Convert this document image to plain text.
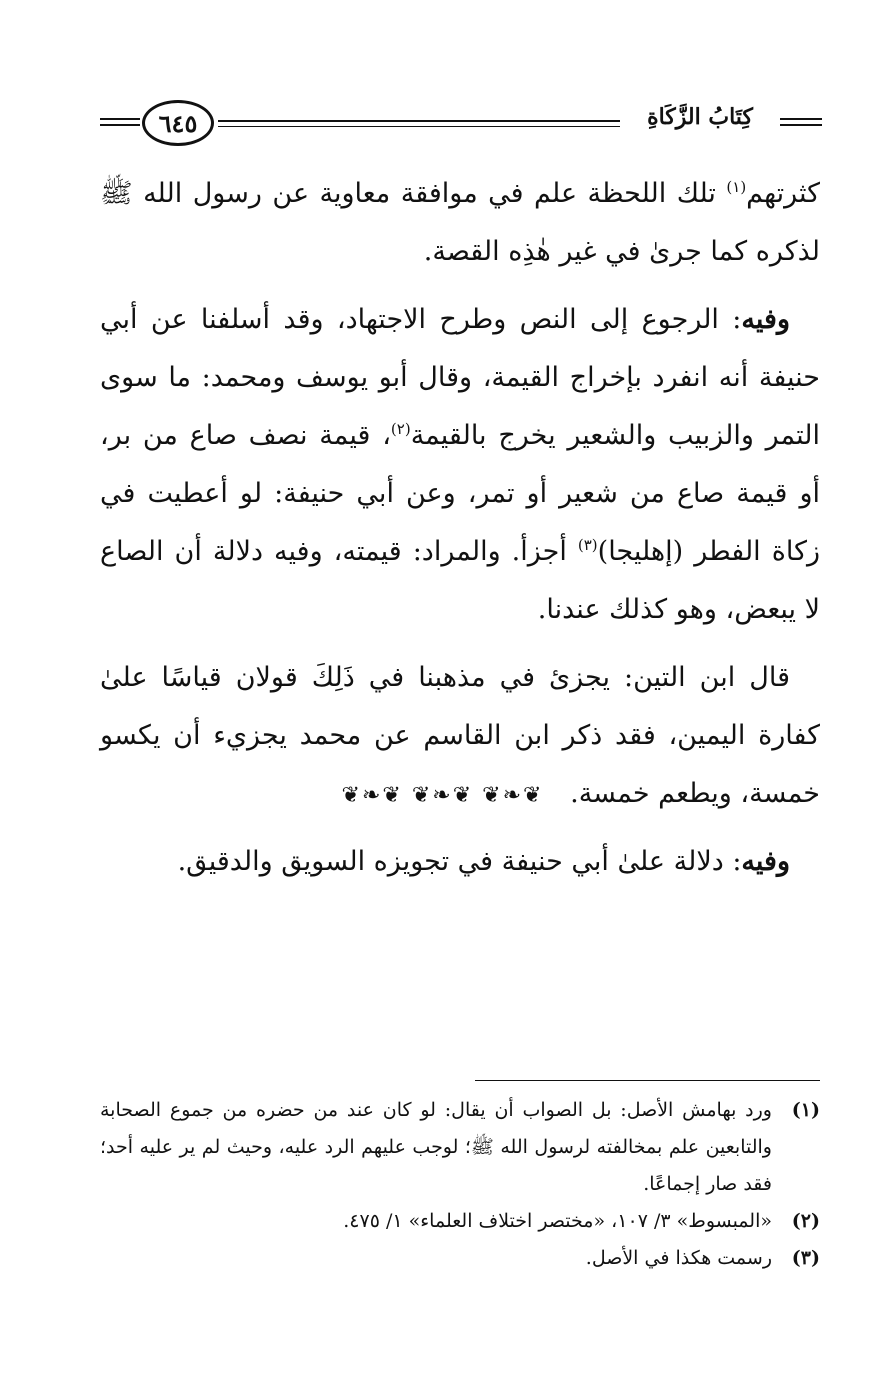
٦٤٥	كِتَابُ الزَّكَاةِ

كثرتهم$^{(١)}$ تلك اللحظة علم في موافقة معاوية عن رسول الله ﷺ لذكره كما جرىٰ في غير هٰذِه القصة.

وفيه: الرجوع إلى النص وطرح الاجتهاد، وقد أسلفنا عن أبي حنيفة أنه انفرد بإخراج القيمة، وقال أبو يوسف ومحمد: ما سوى التمر والزبيب والشعير يخرج بالقيمة$^{(٢)}$، قيمة نصف صاع من بر، أو قيمة صاع من شعير أو تمر، وعن أبي حنيفة: لو أعطيت في زكاة الفطر (إهليجا)$^{(٣)}$ أجزأ. والمراد: قيمته، وفيه دلالة أن الصاع لا يبعض، وهو كذلك عندنا.

قال ابن التين: يجزئ في مذهبنا في ذَلِكَ قولان قياسًا علىٰ كفارة اليمين، فقد ذكر ابن القاسم عن محمد يجزيء أن يكسو خمسة، ويطعم خمسة.

وفيه: دلالة علىٰ أبي حنيفة في تجويزه السويق والدقيق.

❦❧❦ ❦❧❦ ❦❧❦
(١)
ورد بهامش الأصل: بل الصواب أن يقال: لو كان عند من حضره من جموع الصحابة والتابعين علم بمخالفته لرسول الله ﷺ؛ لوجب عليهم الرد عليه، وحيث لم ير عليه أحد؛ فقد صار إجماعًا.
(٢)
«المبسوط» ٣/ ١٠٧، «مختصر اختلاف العلماء» ١/ ٤٧٥.
(٣)
رسمت هكذا في الأصل.
